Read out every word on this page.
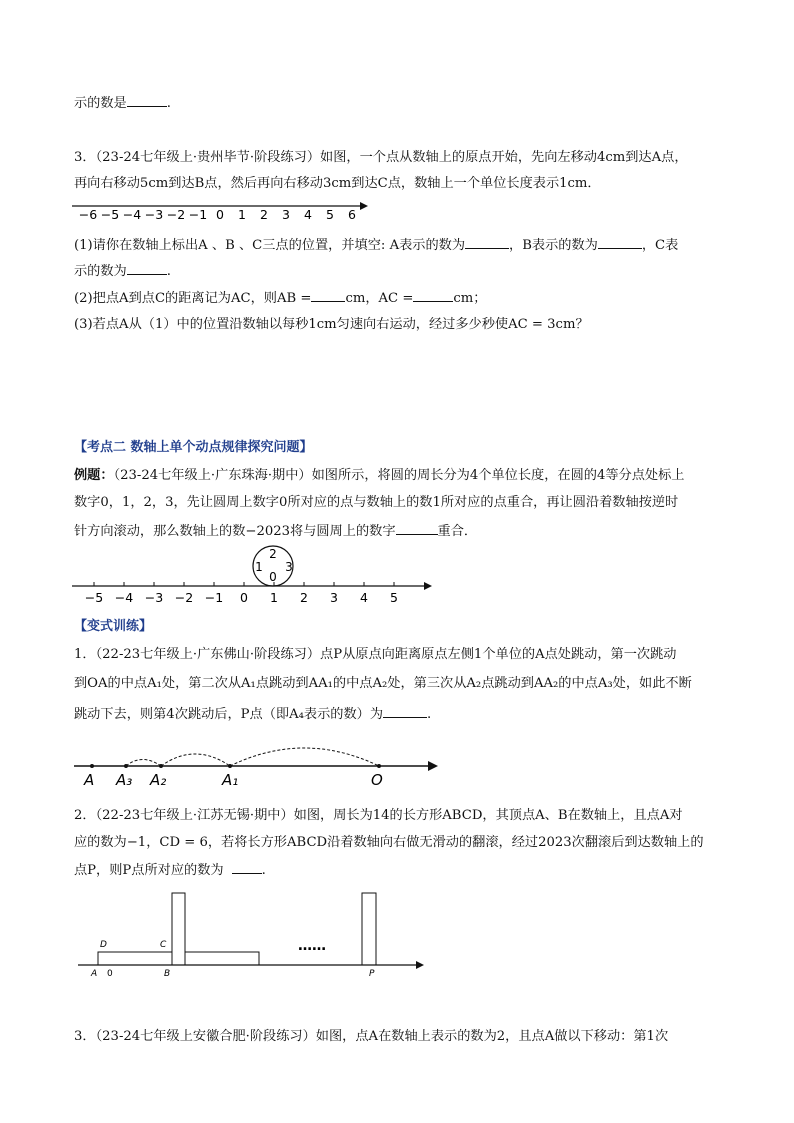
示的数是	.
3．（23-24七年级上·贵州毕节·阶段练习）如图，一个点从数轴上的原点开始，先向左移动4cm到达A点，
再向右移动5cm到达B点，然后再向右移动3cm到达C点，数轴上一个单位长度表示1cm．
−6 −5 −4 −3 −2 −1 0 1 2 3 4 5 6
(1)请你在数轴上标出A 、B 、C三点的位置，并填空: A表示的数为	，B表示的数为	，C表
示的数为	.
(2)把点A到点C的距离记为AC，则AB =	cm，AC =	cm；
(3)若点A从（1）中的位置沿数轴以每秒1cm匀速向右运动，经过多少秒使AC = 3cm？
【考点二 数轴上单个动点规律探究问题】
例题：（23-24七年级上·广东珠海·期中）如图所示，将圆的周长分为4个单位长度，在圆的4等分点处标上
数字0，1，2，3，先让圆周上数字0所对应的点与数轴上的数1所对应的点重合，再让圆沿着数轴按逆时
针方向滚动，那么数轴上的数−2023将与圆周上的数字	重合．
2
1 3
0
−5 −4 −3 −2 −1 0 1 2 3 4 5
【变式训练】
1．（22-23七年级上·广东佛山·阶段练习）点P从原点向距离原点左侧1个单位的A点处跳动，第一次跳动
到OA的中点A₁处，第二次从A₁点跳动到AA₁的中点A₂处，第三次从A₂点跳动到AA₂的中点A₃处，如此不断
跳动下去，则第4次跳动后，P点（即A₄表示的数）为	.
A A₃ A₂	A₁	O
2．（22-23七年级上·江苏无锡·期中）如图，周长为14的长方形ABCD，其顶点A、B在数轴上，且点A对
应的数为−1，CD = 6，若将长方形ABCD沿着数轴向右做无滑动的翻滚，经过2023次翻滚后到达数轴上的
点P，则P点所对应的数为	.
D	C
A 0	B	P
……
3．（23-24七年级上安徽合肥·阶段练习）如图，点A在数轴上表示的数为2，且点A做以下移动：第1次
